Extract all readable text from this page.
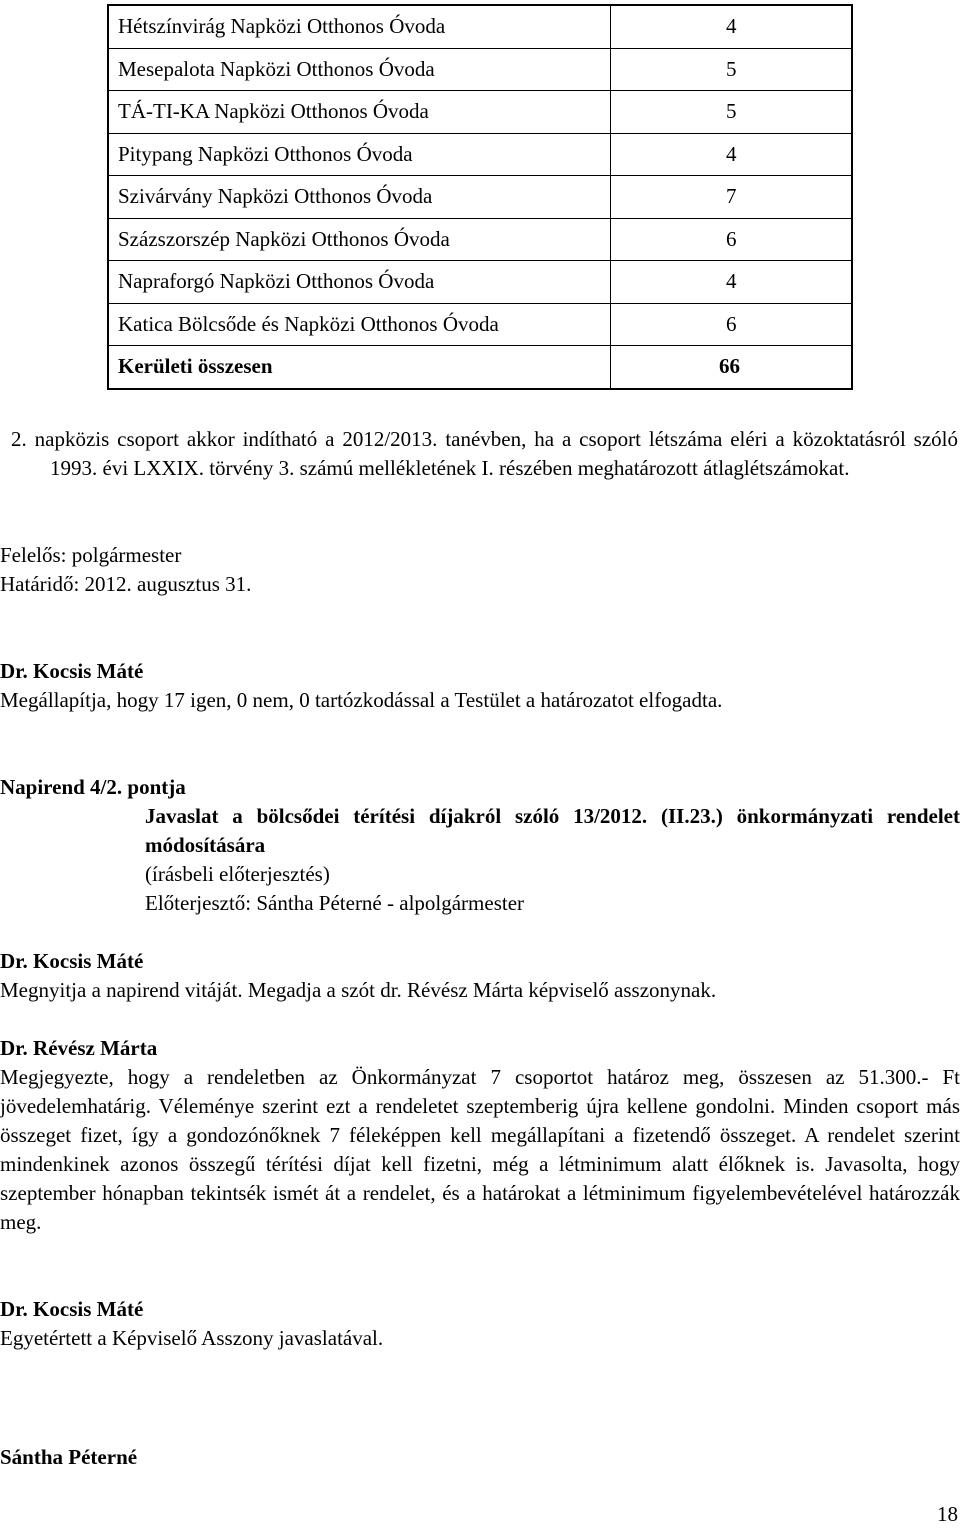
Hétszínvirág Napközi Otthonos Óvoda	4
Mesepalota Napközi Otthonos Óvoda	5
TÁ-TI-KA Napközi Otthonos Óvoda	5
Pitypang Napközi Otthonos Óvoda	4
Szivárvány Napközi Otthonos Óvoda	7
Százszorszép Napközi Otthonos Óvoda	6
Napraforgó Napközi Otthonos Óvoda	4
Katica Bölcsőde és Napközi Otthonos Óvoda	6
Kerületi összesen	66
2. napközis csoport akkor indítható a 2012/2013. tanévben, ha a csoport létszáma eléri a közoktatásról szóló 1993. évi LXXIX. törvény 3. számú mellékletének I. részében meghatározott átlaglétszámokat.
Felelős: polgármester
Határidő: 2012. augusztus 31.
Dr. Kocsis Máté
Megállapítja, hogy 17 igen, 0 nem, 0 tartózkodással a Testület a határozatot elfogadta.
Napirend 4/2. pontja
Javaslat a bölcsődei térítési díjakról szóló 13/2012. (II.23.) önkormányzati rendelet módosítására
(írásbeli előterjesztés)
Előterjesztő: Sántha Péterné - alpolgármester
Dr. Kocsis Máté
Megnyitja a napirend vitáját. Megadja a szót dr. Révész Márta képviselő asszonynak.
Dr. Révész Márta
Megjegyezte, hogy a rendeletben az Önkormányzat 7 csoportot határoz meg, összesen az 51.300.- Ft jövedelemhatárig. Véleménye szerint ezt a rendeletet szeptemberig újra kellene gondolni. Minden csoport más összeget fizet, így a gondozónőknek 7 féleképpen kell megállapítani a fizetendő összeget. A rendelet szerint mindenkinek azonos összegű térítési díjat kell fizetni, még a létminimum alatt élőknek is. Javasolta, hogy szeptember hónapban tekintsék ismét át a rendelet, és a határokat a létminimum figyelembevételével határozzák meg.
Dr. Kocsis Máté
Egyetértett a Képviselő Asszony javaslatával.
Sántha Péterné
18
